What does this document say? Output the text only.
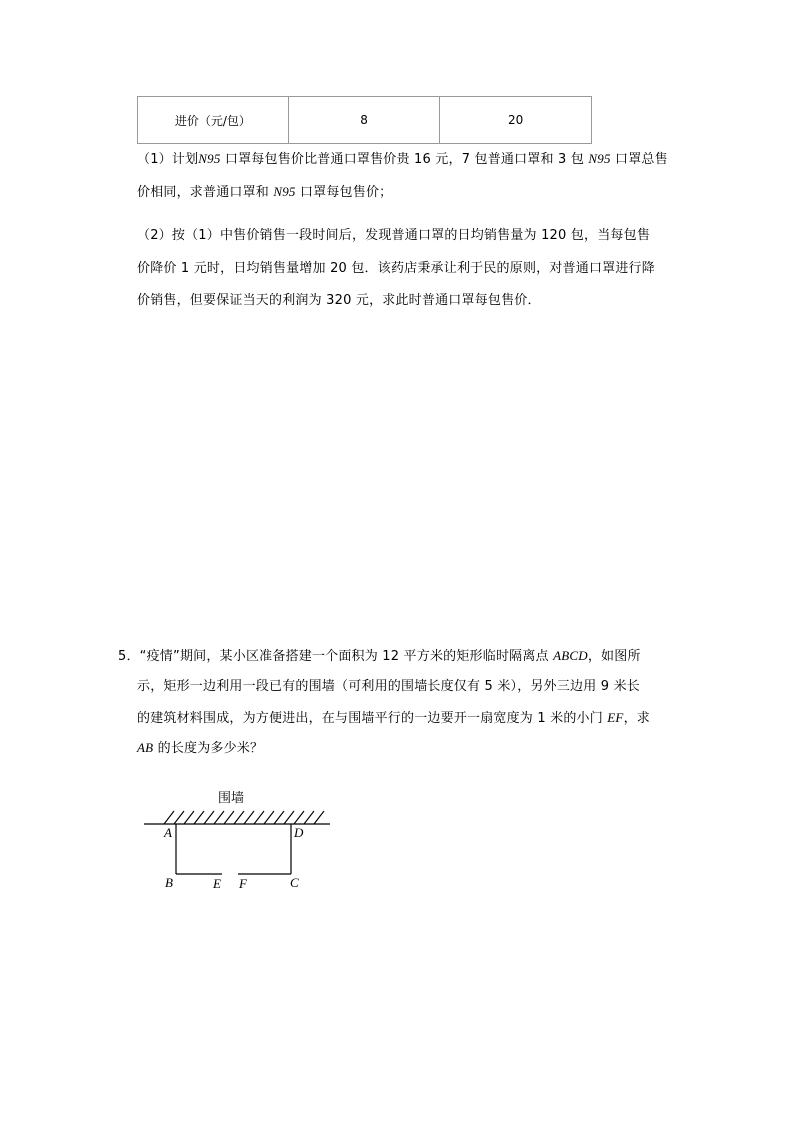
进价（元/包）	8	20
（1）计划N95 口罩每包售价比普通口罩售价贵 16 元，7 包普通口罩和 3 包 N95 口罩总售
价相同，求普通口罩和 N95 口罩每包售价；
（2）按（1）中售价销售一段时间后，发现普通口罩的日均销售量为 120 包，当每包售
价降价 1 元时，日均销售量增加 20 包．该药店秉承让利于民的原则，对普通口罩进行降
价销售，但要保证当天的利润为 320 元，求此时普通口罩每包售价．
5．“疫情”期间，某小区准备搭建一个面积为 12 平方米的矩形临时隔离点 ABCD，如图所
示，矩形一边利用一段已有的围墙（可利用的围墙长度仅有 5 米），另外三边用 9 米长
的建筑材料围成，为方便进出，在与围墙平行的一边要开一扇宽度为 1 米的小门 EF，求
AB 的长度为多少米？
围墙
A	D
B	E F	C
